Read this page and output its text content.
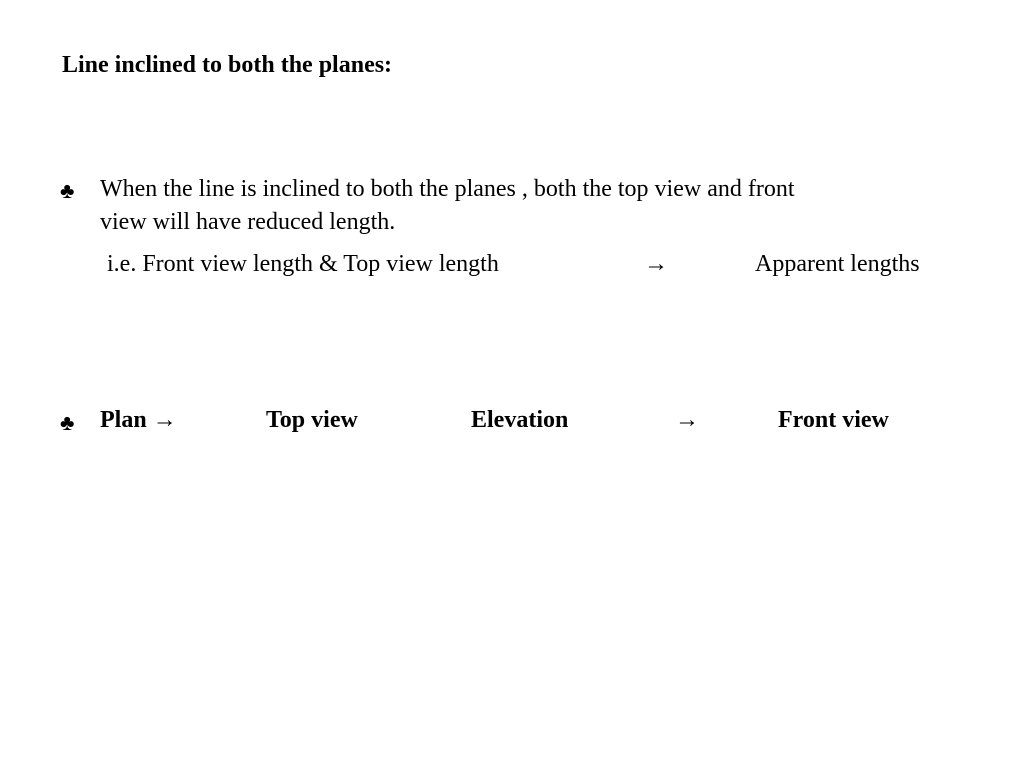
Line inclined to both the planes:
♣ When the line is inclined to both the planes , both the top view and front
view will have reduced length.
i.e. Front view length & Top view length	→	Apparent lengths
♣ Plan →	Top view	Elevation	→	Front view
